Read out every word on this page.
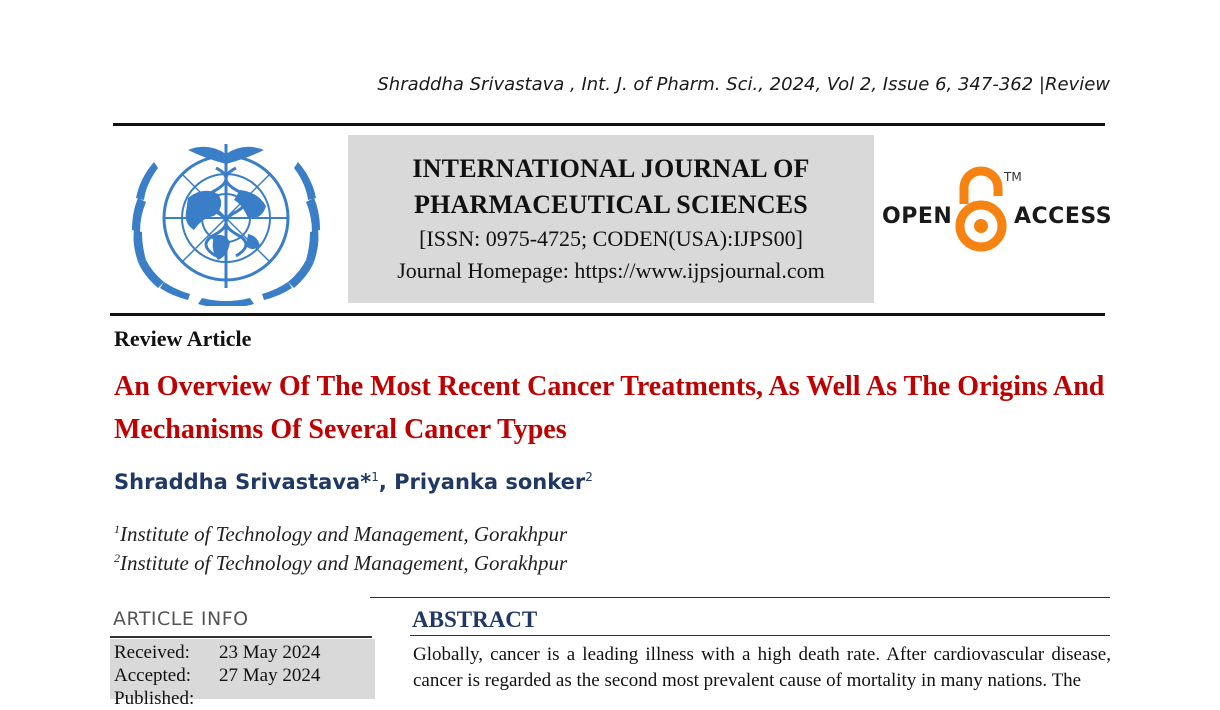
Shraddha Srivastava , Int. J. of Pharm. Sci., 2024, Vol 2, Issue 6, 347-362 |Review
INTERNATIONAL JOURNAL OF
PHARMACEUTICAL SCIENCES
[ISSN: 0975-4725; CODEN(USA):IJPS00]
Journal Homepage: https://www.ijpsjournal.com
OPEN
TM
ACCESS
Review Article
An Overview Of The Most Recent Cancer Treatments, As Well As The Origins And Mechanisms Of Several Cancer Types
Shraddha Srivastava*$^1$, Priyanka sonker$^2$
$^1$Institute of Technology and Management, Gorakhpur
$^2$Institute of Technology and Management, Gorakhpur
ARTICLE INFO
Received: 23 May 2024
Accepted: 27 May 2024
Published:
ABSTRACT
Globally, cancer is a leading illness with a high death rate. After cardiovascular disease, cancer is regarded as the second most prevalent cause of mortality in many nations. The
